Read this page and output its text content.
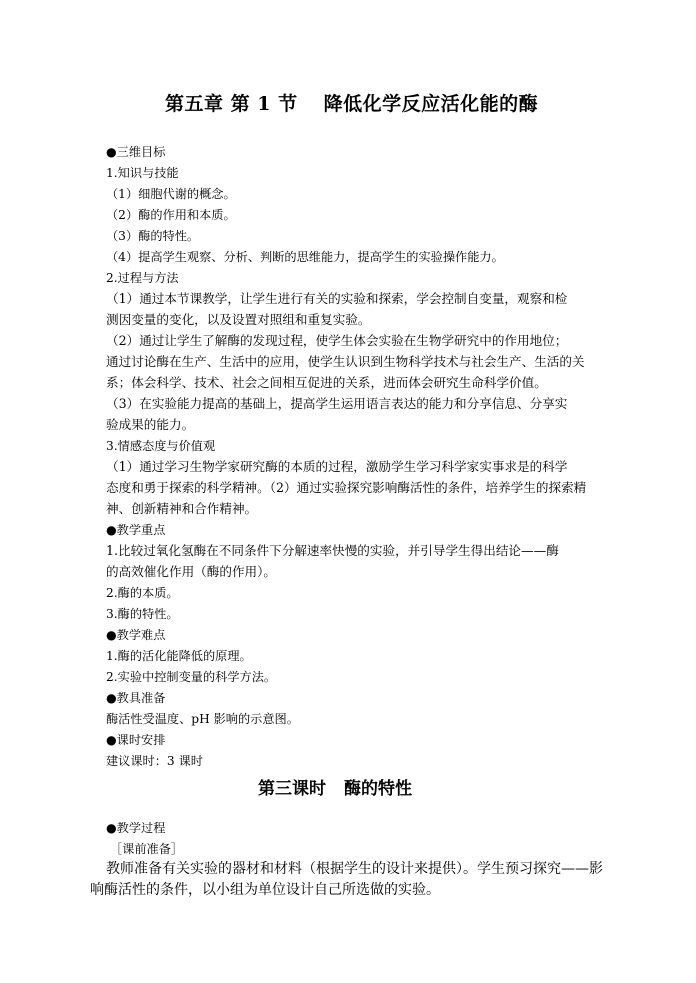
第五章 第 1 节 降低化学反应活化能的酶
●三维目标
1.知识与技能
（1）细胞代谢的概念。
（2）酶的作用和本质。
（3）酶的特性。
（4）提高学生观察、分析、判断的思维能力，提高学生的实验操作能力。
2.过程与方法
（1）通过本节课教学，让学生进行有关的实验和探索，学会控制自变量，观察和检
测因变量的变化，以及设置对照组和重复实验。
（2）通过让学生了解酶的发现过程，使学生体会实验在生物学研究中的作用地位；
通过讨论酶在生产、生活中的应用，使学生认识到生物科学技术与社会生产、生活的关
系；体会科学、技术、社会之间相互促进的关系，进而体会研究生命科学价值。
（3）在实验能力提高的基础上，提高学生运用语言表达的能力和分享信息、分享实
验成果的能力。
3.情感态度与价值观
（1）通过学习生物学家研究酶的本质的过程，激励学生学习科学家实事求是的科学
态度和勇于探索的科学精神。（2）通过实验探究影响酶活性的条件，培养学生的探索精
神、创新精神和合作精神。
●教学重点
1.比较过氧化氢酶在不同条件下分解速率快慢的实验，并引导学生得出结论——酶
的高效催化作用（酶的作用）。
2.酶的本质。
3.酶的特性。
●教学难点
1.酶的活化能降低的原理。
2.实验中控制变量的科学方法。
●教具准备
酶活性受温度、pH 影响的示意图。
●课时安排
建议课时：3 课时
第三课时 酶的特性
●教学过程
［课前准备］
教师准备有关实验的器材和材料（根据学生的设计来提供）。学生预习探究——影
响酶活性的条件，以小组为单位设计自己所选做的实验。
